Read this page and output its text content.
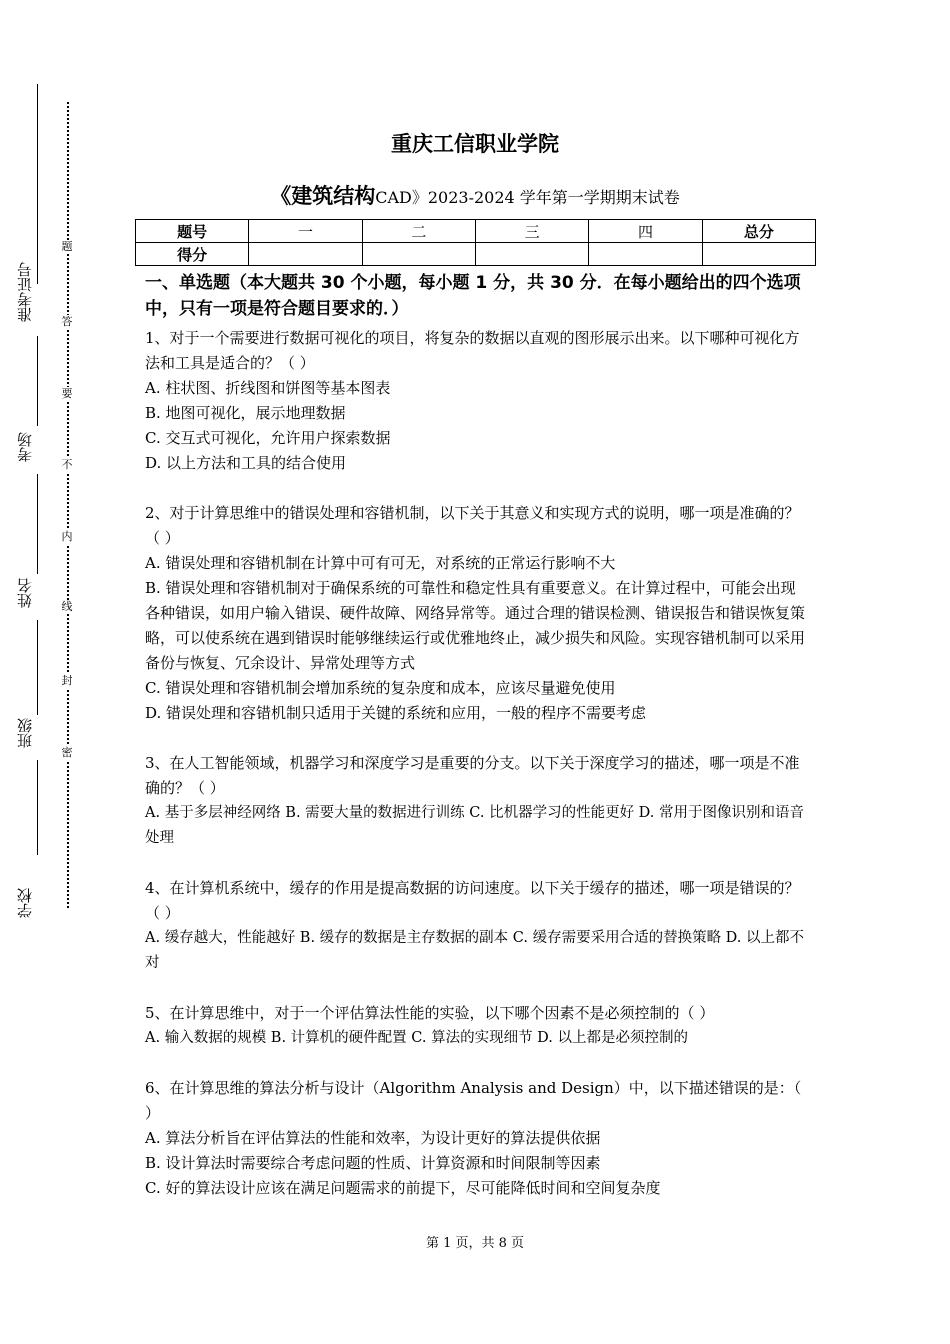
准考证号
考场
姓名
班级
学校
题
答
要
不
内
线
封
密
重庆工信职业学院
《建筑结构CAD》2023-2024 学年第一学期期末试卷
题号	一	二	三	四	总分
得分					

一、单选题（本大题共 30 个小题，每小题 1 分，共 30 分．在每小题给出的四个选项中，只有一项是符合题目要求的．）

1、对于一个需要进行数据可视化的项目，将复杂的数据以直观的图形展示出来。以下哪种可视化方法和工具是适合的？（ ）

A. 柱状图、折线图和饼图等基本图表

B. 地图可视化，展示地理数据

C. 交互式可视化，允许用户探索数据

D. 以上方法和工具的结合使用

2、对于计算思维中的错误处理和容错机制，以下关于其意义和实现方式的说明，哪一项是准确的？（ ）

A. 错误处理和容错机制在计算中可有可无，对系统的正常运行影响不大

B. 错误处理和容错机制对于确保系统的可靠性和稳定性具有重要意义。在计算过程中，可能会出现各种错误，如用户输入错误、硬件故障、网络异常等。通过合理的错误检测、错误报告和错误恢复策略，可以使系统在遇到错误时能够继续运行或优雅地终止，减少损失和风险。实现容错机制可以采用备份与恢复、冗余设计、异常处理等方式

C. 错误处理和容错机制会增加系统的复杂度和成本，应该尽量避免使用

D. 错误处理和容错机制只适用于关键的系统和应用，一般的程序不需要考虑

3、在人工智能领域，机器学习和深度学习是重要的分支。以下关于深度学习的描述，哪一项是不准确的？（ ）

A. 基于多层神经网络 B. 需要大量的数据进行训练 C. 比机器学习的性能更好 D. 常用于图像识别和语音处理

4、在计算机系统中，缓存的作用是提高数据的访问速度。以下关于缓存的描述，哪一项是错误的？（ ）

A. 缓存越大，性能越好 B. 缓存的数据是主存数据的副本 C. 缓存需要采用合适的替换策略 D. 以上都不对

5、在计算思维中，对于一个评估算法性能的实验，以下哪个因素不是必须控制的（ ）

A. 输入数据的规模 B. 计算机的硬件配置 C. 算法的实现细节 D. 以上都是必须控制的

6、在计算思维的算法分析与设计（Algorithm Analysis and Design）中，以下描述错误的是：（ ）

A. 算法分析旨在评估算法的性能和效率，为设计更好的算法提供依据

B. 设计算法时需要综合考虑问题的性质、计算资源和时间限制等因素

C. 好的算法设计应该在满足问题需求的前提下，尽可能降低时间和空间复杂度

第 1 页，共 8 页
